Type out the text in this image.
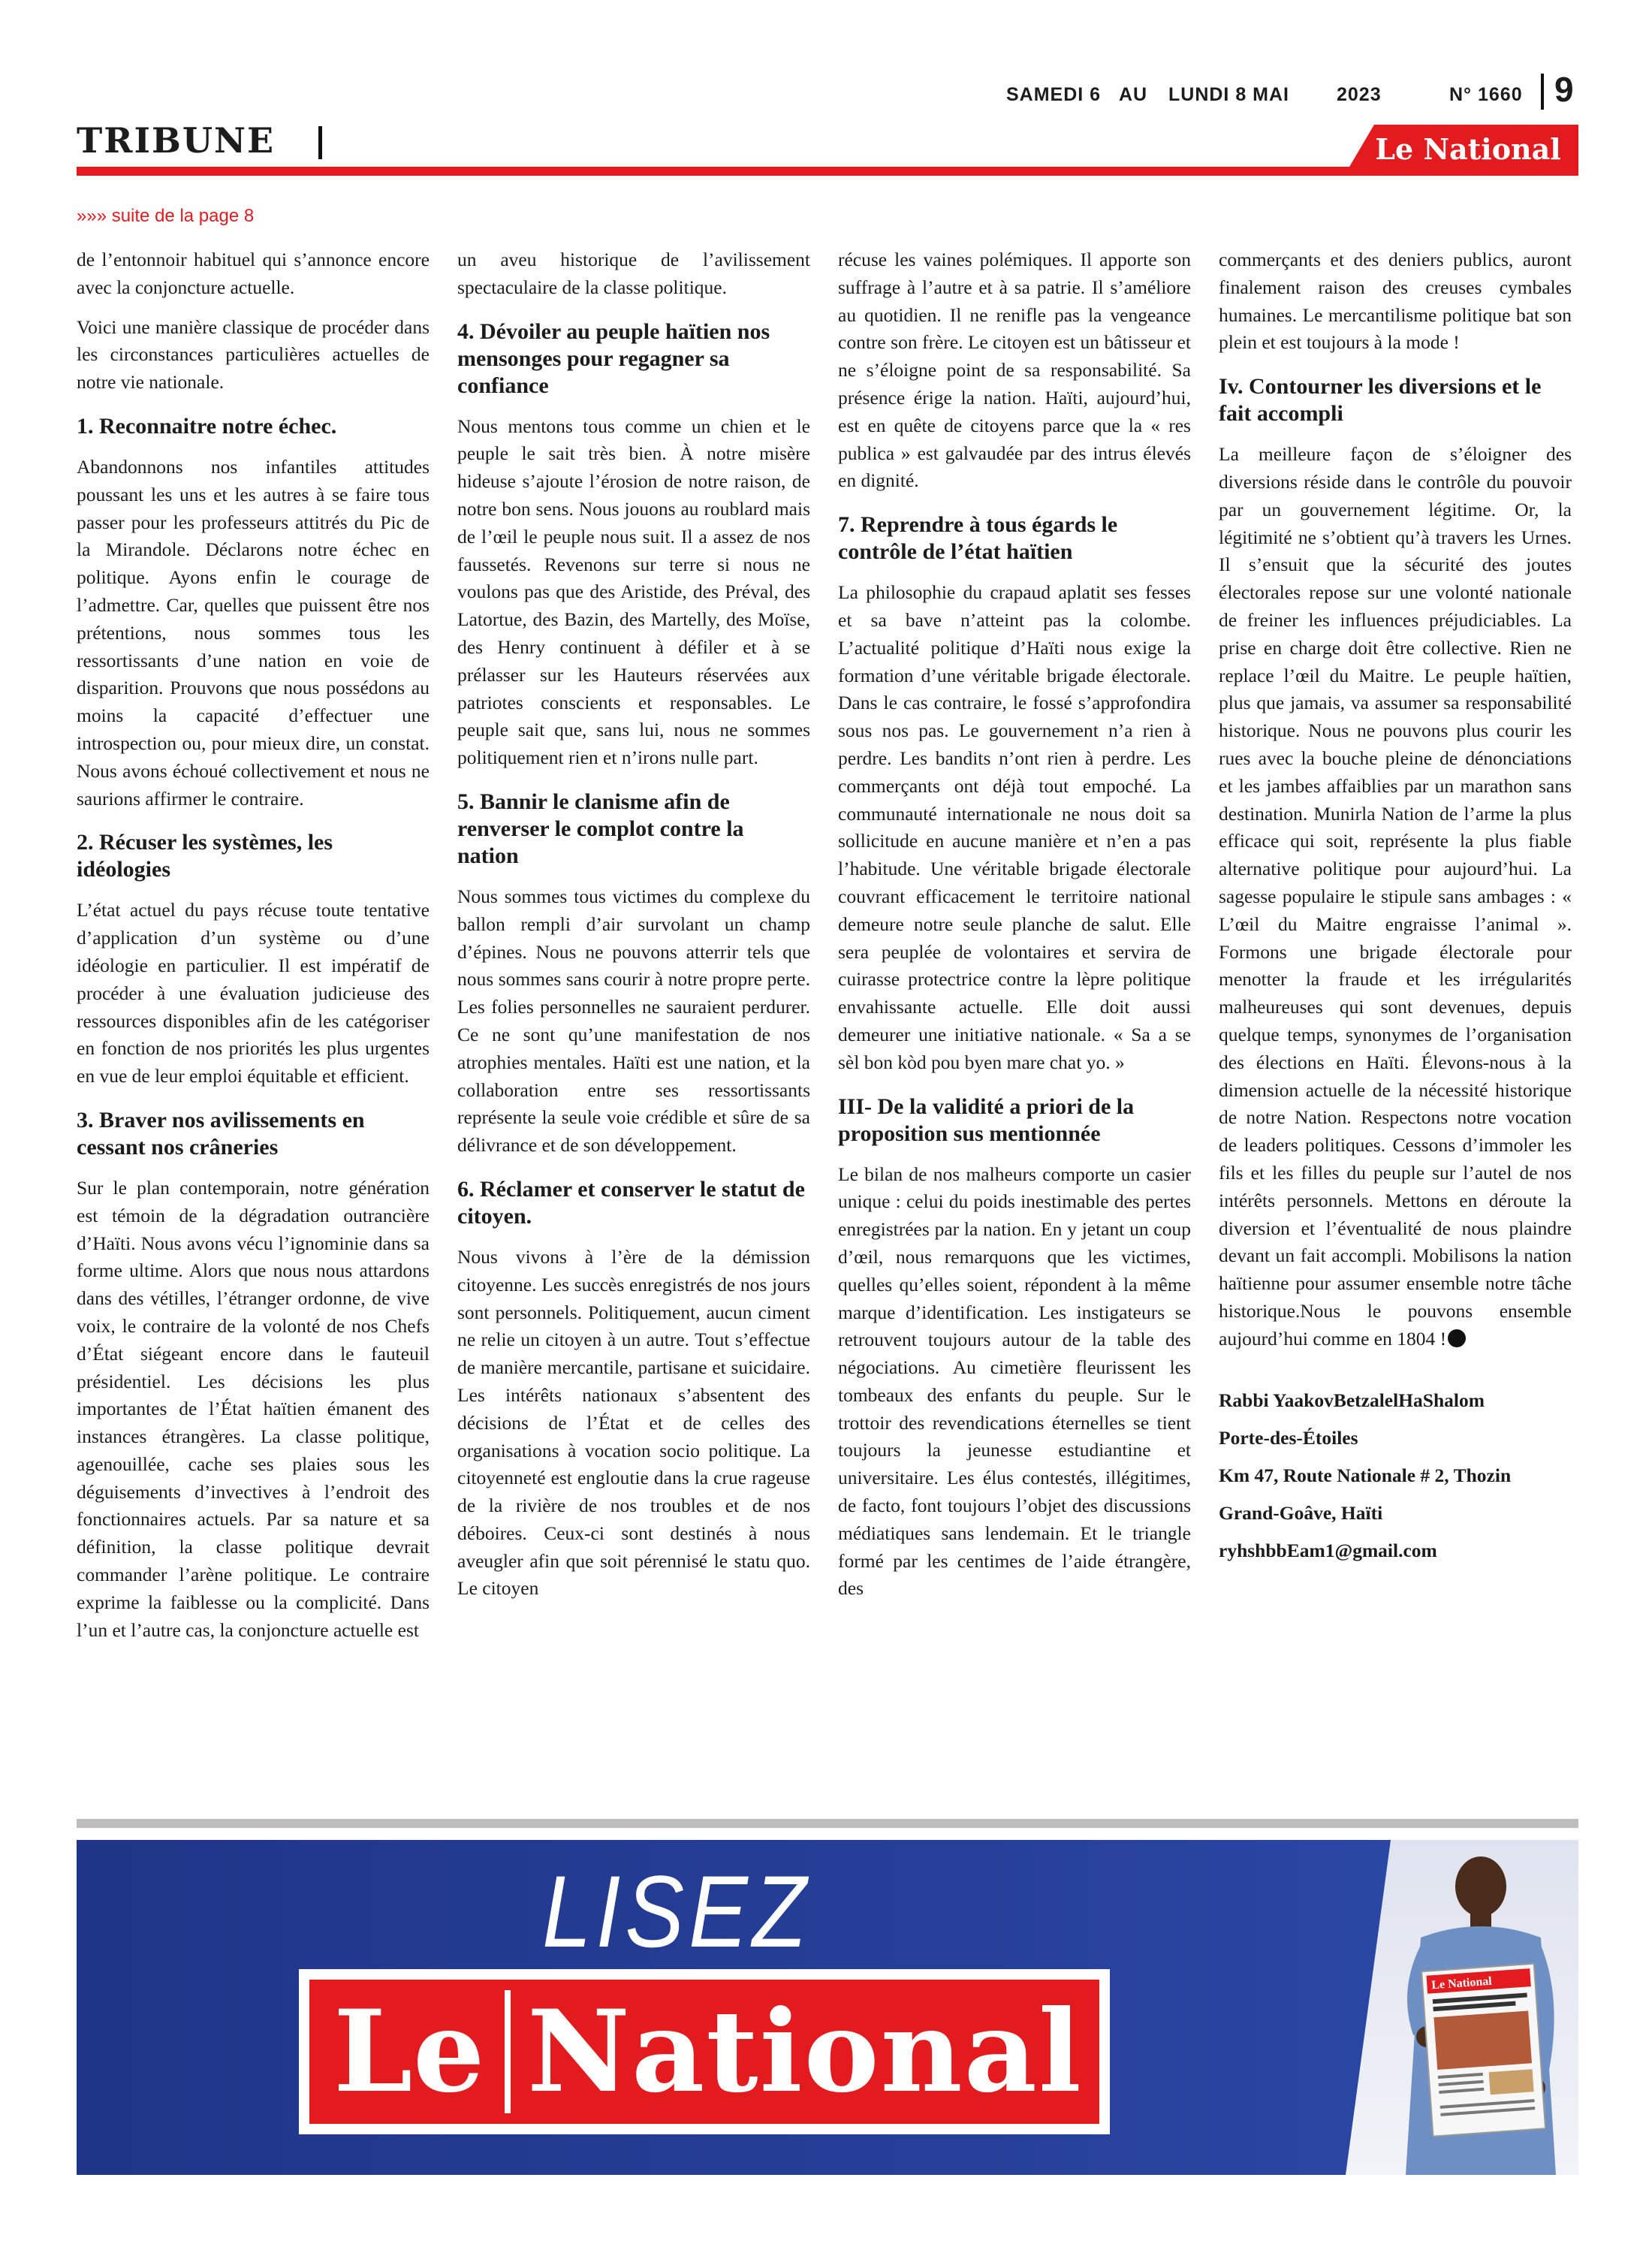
SAMEDI 6 AU LUNDI 8 MAI	2023	N° 1660 9
TRIBUNE	Le National
»»» suite de la page 8

de l’entonnoir habituel qui s’annonce encore avec la conjoncture actuelle.

Voici une manière classique de procéder dans les circonstances particulières actuelles de notre vie nationale.

1. Reconnaitre notre échec.

Abandonnons nos infantiles attitudes poussant les uns et les autres à se faire tous passer pour les professeurs attitrés du Pic de la Mirandole. Déclarons notre échec en politique. Ayons enfin le courage de l’admettre. Car, quelles que puissent être nos prétentions, nous sommes tous les ressortissants d’une nation en voie de disparition. Prouvons que nous possédons au moins la capacité d’effectuer une introspection ou, pour mieux dire, un constat. Nous avons échoué collectivement et nous ne saurions affirmer le contraire.

2. Récuser les systèmes, les idéologies

L’état actuel du pays récuse toute tentative d’application d’un système ou d’une idéologie en particulier. Il est impératif de procéder à une évaluation judicieuse des ressources disponibles afin de les catégoriser en fonction de nos priorités les plus urgentes en vue de leur emploi équitable et efficient.

3. Braver nos avilissements en cessant nos crâneries

Sur le plan contemporain, notre génération est témoin de la dégradation outrancière d’Haïti. Nous avons vécu l’ignominie dans sa forme ultime. Alors que nous nous attardons dans des vétilles, l’étranger ordonne, de vive voix, le contraire de la volonté de nos Chefs d’État siégeant encore dans le fauteuil présidentiel. Les décisions les plus importantes de l’État haïtien émanent des instances étrangères. La classe politique, agenouillée, cache ses plaies sous les déguisements d’invectives à l’endroit des fonctionnaires actuels. Par sa nature et sa définition, la classe politique devrait commander l’arène politique. Le contraire exprime la faiblesse ou la complicité. Dans l’un et l’autre cas, la conjoncture actuelle est

un aveu historique de l’avilissement spectaculaire de la classe politique.

4. Dévoiler au peuple haïtien nos mensonges pour regagner sa confiance

Nous mentons tous comme un chien et le peuple le sait très bien. À notre misère hideuse s’ajoute l’érosion de notre raison, de notre bon sens. Nous jouons au roublard mais de l’œil le peuple nous suit. Il a assez de nos faussetés. Revenons sur terre si nous ne voulons pas que des Aristide, des Préval, des Latortue, des Bazin, des Martelly, des Moïse, des Henry continuent à défiler et à se prélasser sur les Hauteurs réservées aux patriotes conscients et responsables. Le peuple sait que, sans lui, nous ne sommes politiquement rien et n’irons nulle part.

5. Bannir le clanisme afin de renverser le complot contre la nation

Nous sommes tous victimes du complexe du ballon rempli d’air survolant un champ d’épines. Nous ne pouvons atterrir tels que nous sommes sans courir à notre propre perte. Les folies personnelles ne sauraient perdurer. Ce ne sont qu’une manifestation de nos atrophies mentales. Haïti est une nation, et la collaboration entre ses ressortissants représente la seule voie crédible et sûre de sa délivrance et de son développement.

6. Réclamer et conserver le statut de citoyen.

Nous vivons à l’ère de la démission citoyenne. Les succès enregistrés de nos jours sont personnels. Politiquement, aucun ciment ne relie un citoyen à un autre. Tout s’effectue de manière mercantile, partisane et suicidaire. Les intérêts nationaux s’absentent des décisions de l’État et de celles des organisations à vocation socio politique. La citoyenneté est engloutie dans la crue rageuse de la rivière de nos troubles et de nos déboires. Ceux-ci sont destinés à nous aveugler afin que soit pérennisé le statu quo. Le citoyen

récuse les vaines polémiques. Il apporte son suffrage à l’autre et à sa patrie. Il s’améliore au quotidien. Il ne renifle pas la vengeance contre son frère. Le citoyen est un bâtisseur et ne s’éloigne point de sa responsabilité. Sa présence érige la nation. Haïti, aujourd’hui, est en quête de citoyens parce que la « res publica » est galvaudée par des intrus élevés en dignité.

7. Reprendre à tous égards le contrôle de l’état haïtien

La philosophie du crapaud aplatit ses fesses et sa bave n’atteint pas la colombe. L’actualité politique d’Haïti nous exige la formation d’une véritable brigade électorale. Dans le cas contraire, le fossé s’approfondira sous nos pas. Le gouvernement n’a rien à perdre. Les bandits n’ont rien à perdre. Les commerçants ont déjà tout empoché. La communauté internationale ne nous doit sa sollicitude en aucune manière et n’en a pas l’habitude. Une véritable brigade électorale couvrant efficacement le territoire national demeure notre seule planche de salut. Elle sera peuplée de volontaires et servira de cuirasse protectrice contre la lèpre politique envahissante actuelle. Elle doit aussi demeurer une initiative nationale. « Sa a se sèl bon kòd pou byen mare chat yo. »

III- De la validité a priori de la proposition sus mentionnée

Le bilan de nos malheurs comporte un casier unique : celui du poids inestimable des pertes enregistrées par la nation. En y jetant un coup d’œil, nous remarquons que les victimes, quelles qu’elles soient, répondent à la même marque d’identification. Les instigateurs se retrouvent toujours autour de la table des négociations. Au cimetière fleurissent les tombeaux des enfants du peuple. Sur le trottoir des revendications éternelles se tient toujours la jeunesse estudiantine et universitaire. Les élus contestés, illégitimes, de facto, font toujours l’objet des discussions médiatiques sans lendemain. Et le triangle formé par les centimes de l’aide étrangère, des

commerçants et des deniers publics, auront finalement raison des creuses cymbales humaines. Le mercantilisme politique bat son plein et est toujours à la mode !

Iv. Contourner les diversions et le fait accompli

La meilleure façon de s’éloigner des diversions réside dans le contrôle du pouvoir par un gouvernement légitime. Or, la légitimité ne s’obtient qu’à travers les Urnes. Il s’ensuit que la sécurité des joutes électorales repose sur une volonté nationale de freiner les influences préjudiciables. La prise en charge doit être collective. Rien ne replace l’œil du Maitre. Le peuple haïtien, plus que jamais, va assumer sa responsabilité historique. Nous ne pouvons plus courir les rues avec la bouche pleine de dénonciations et les jambes affaiblies par un marathon sans destination. Munirla Nation de l’arme la plus efficace qui soit, représente la plus fiable alternative politique pour aujourd’hui. La sagesse populaire le stipule sans ambages : « L’œil du Maitre engraisse l’animal ». Formons une brigade électorale pour menotter la fraude et les irrégularités malheureuses qui sont devenues, depuis quelque temps, synonymes de l’organisation des élections en Haïti. Élevons-nous à la dimension actuelle de la nécessité historique de notre Nation. Respectons notre vocation de leaders politiques. Cessons d’immoler les fils et les filles du peuple sur l’autel de nos intérêts personnels. Mettons en déroute la diversion et l’éventualité de nous plaindre devant un fait accompli. Mobilisons la nation haïtienne pour assumer ensemble notre tâche historique.Nous le pouvons ensemble aujourd’hui comme en 1804 !

Rabbi YaakovBetzalelHaShalom

Porte-des-Étoiles

Km 47, Route Nationale # 2, Thozin

Grand-Goâve, Haïti

ryhshbbEam1@gmail.com

LISEZ
L e National
Le National
